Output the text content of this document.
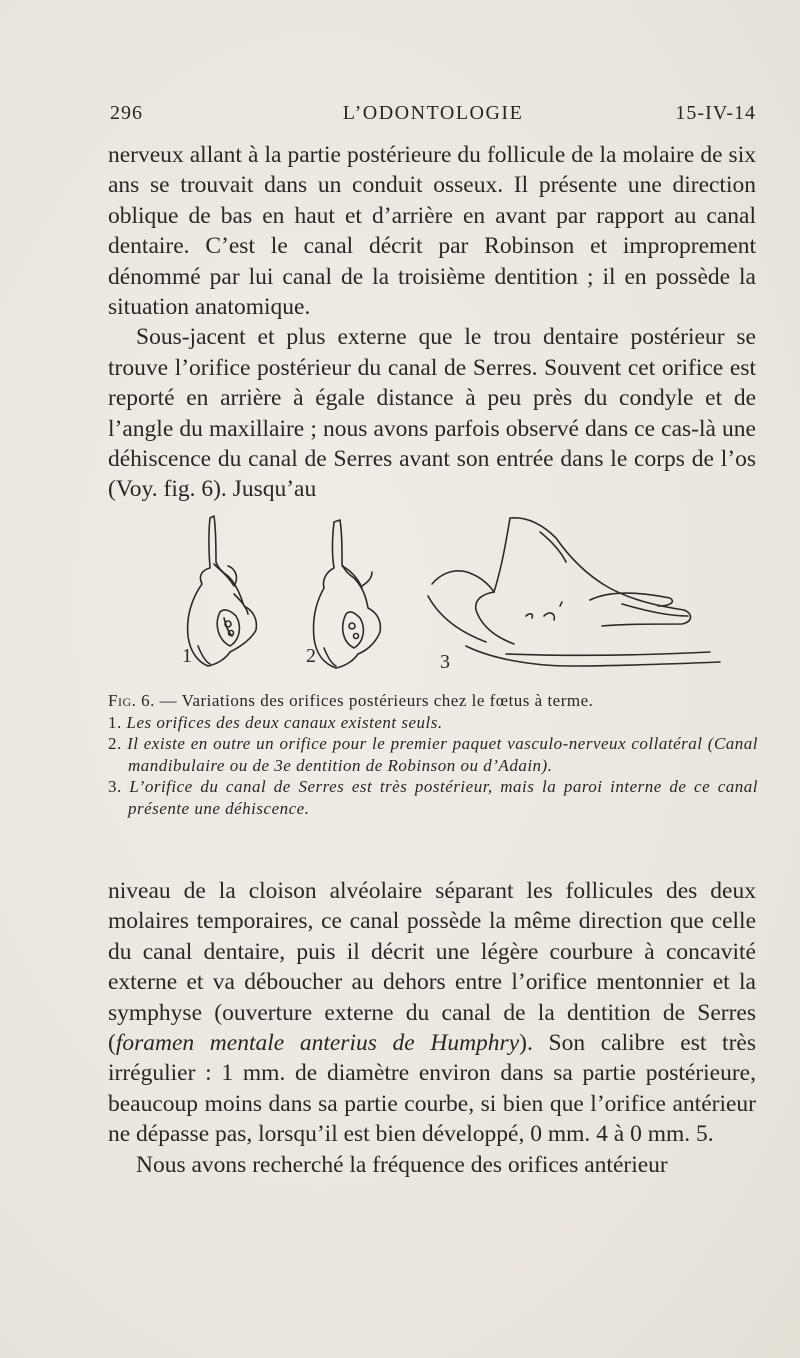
296	L’ODONTOLOGIE	15-IV-14

nerveux allant à la partie postérieure du follicule de la molaire de six ans se trouvait dans un conduit osseux. Il présente une direction oblique de bas en haut et d’arrière en avant par rapport au canal dentaire. C’est le canal décrit par Robinson et improprement dénommé par lui canal de la troisième dentition ; il en possède la situation anatomique.

Sous-jacent et plus externe que le trou dentaire postérieur se trouve l’orifice postérieur du canal de Serres. Souvent cet orifice est reporté en arrière à égale distance à peu près du condyle et de l’angle du maxillaire ; nous avons parfois observé dans ce cas-là une déhiscence du canal de Serres avant son entrée dans le corps de l’os (Voy. fig. 6). Jusqu’au

1	2	3

Fig. 6. — Variations des orifices postérieurs chez le fœtus à terme.

1. Les orifices des deux canaux existent seuls.

2. Il existe en outre un orifice pour le premier paquet vasculo-nerveux collatéral (Canal mandibulaire ou de 3e dentition de Robinson ou d’Adain).

3. L’orifice du canal de Serres est très postérieur, mais la paroi interne de ce canal présente une déhiscence.

niveau de la cloison alvéolaire séparant les follicules des deux molaires temporaires, ce canal possède la même direction que celle du canal dentaire, puis il décrit une légère courbure à concavité externe et va déboucher au dehors entre l’orifice mentonnier et la symphyse (ouverture externe du canal de la dentition de Serres (foramen mentale anterius de Humphry). Son calibre est très irrégulier : 1 mm. de diamètre environ dans sa partie postérieure, beaucoup moins dans sa partie courbe, si bien que l’orifice antérieur ne dépasse pas, lorsqu’il est bien développé, 0 mm. 4 à 0 mm. 5.

Nous avons recherché la fréquence des orifices antérieur
